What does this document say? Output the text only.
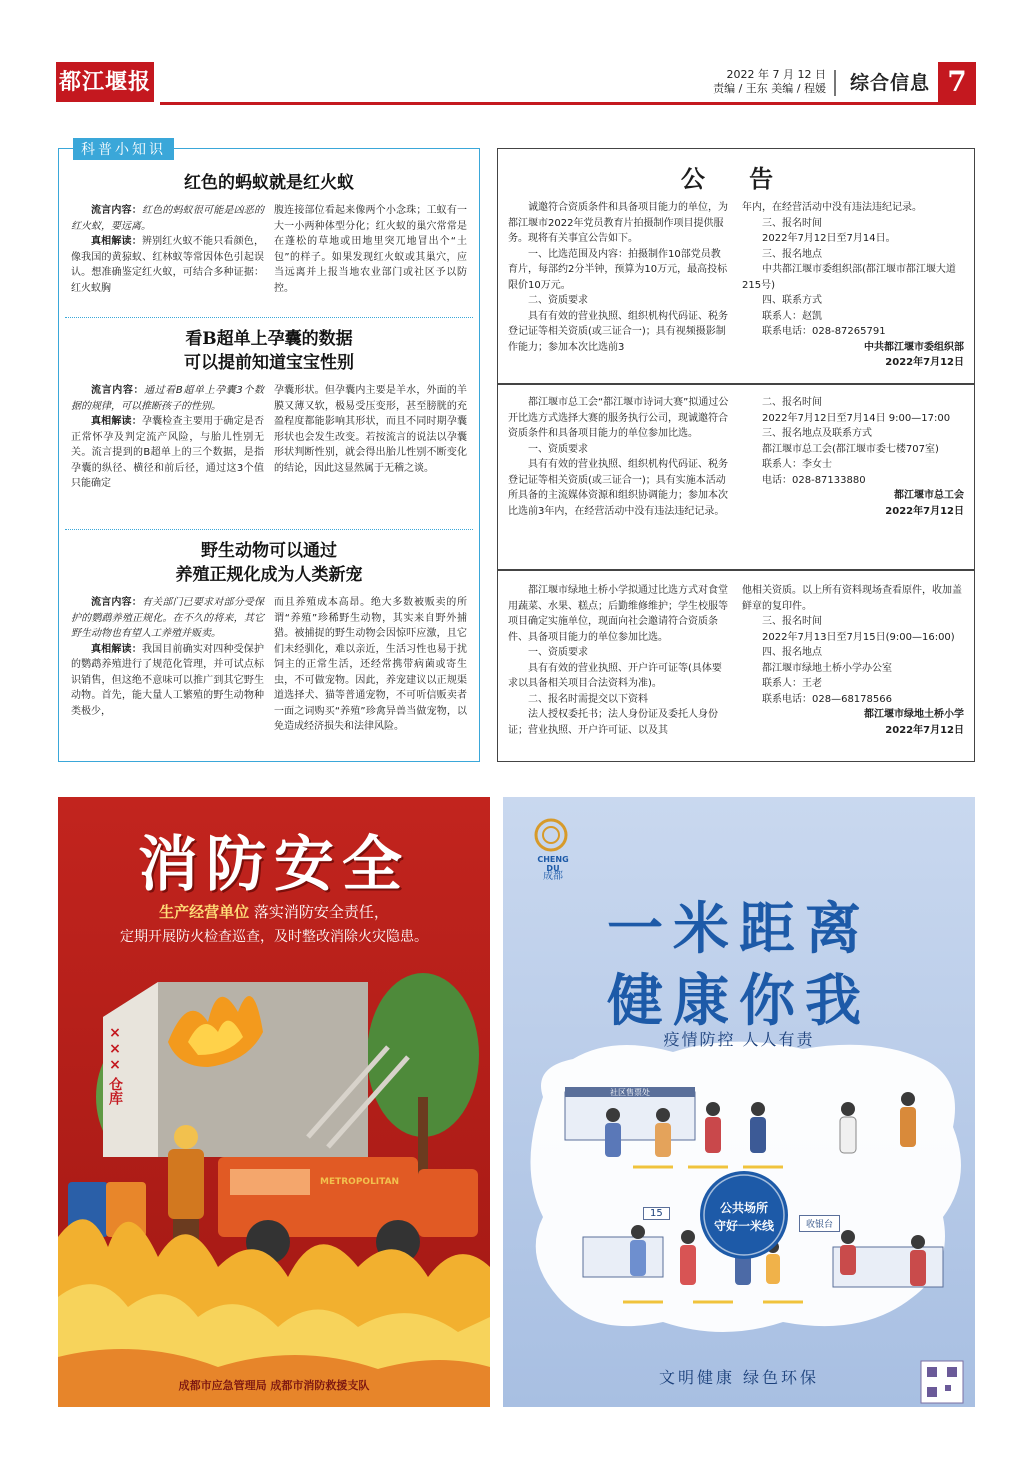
都江堰报	2022 年 7 月 12 日
责编 / 王东 美编 / 程媛 综合信息 7
科普小知识
红色的蚂蚁就是红火蚁

流言内容：红色的蚂蚁很可能是凶恶的红火蚁，要远离。

真相解读：辨别红火蚁不能只看颜色，像我国的黄猄蚁、红林蚁等常因体色引起误认。想准确鉴定红火蚁，可结合多种证据：红火蚁胸

腹连接部位看起来像两个小念珠；工蚁有一大一小两种体型分化；红火蚁的巢穴常常是在蓬松的草地或田地里突兀地冒出个“土包”的样子。如果发现红火蚁或其巢穴，应当远离并上报当地农业部门或社区予以防控。

看B超单上孕囊的数据
可以提前知道宝宝性别

流言内容：通过看B超单上孕囊3个数据的规律，可以推断孩子的性别。

真相解读：孕囊检查主要用于确定是否正常怀孕及判定流产风险，与胎儿性别无关。流言提到的B超单上的三个数据，是指孕囊的纵径、横径和前后径，通过这3个值只能确定

孕囊形状。但孕囊内主要是羊水，外面的羊膜又薄又软，极易受压变形，甚至膀胱的充盈程度都能影响其形状，而且不同时期孕囊形状也会发生改变。若按流言的说法以孕囊形状判断性别，就会得出胎儿性别不断变化的结论，因此这显然属于无稽之谈。

野生动物可以通过
养殖正规化成为人类新宠

流言内容：有关部门已要求对部分受保护的鹦鹉养殖正规化。在不久的将来，其它野生动物也有望人工养殖并贩卖。

真相解读：我国目前确实对四种受保护的鹦鹉养殖进行了规范化管理，并可试点标识销售，但这绝不意味可以推广到其它野生动物。首先，能大量人工繁殖的野生动物种类极少，

而且养殖成本高昂。绝大多数被贩卖的所谓“养殖”珍稀野生动物，其实来自野外捕猎。被捕捉的野生动物会因惊吓应激，且它们未经驯化，难以亲近，生活习性也易于扰饲主的正常生活，还经常携带病菌或寄生虫，不可做宠物。因此，养宠建议以正规渠道选择犬、猫等普通宠物，不可听信贩卖者一面之词购买“养殖”珍禽异兽当做宠物，以免造成经济损失和法律风险。

公 告

诚邀符合资质条件和具备项目能力的单位，为都江堰市2022年党员教育片拍摄制作项目提供服务。现将有关事宜公告如下。

一、比选范围及内容：拍摄制作10部党员教育片，每部约2分半钟，预算为10万元，最高投标限价10万元。

二、资质要求

具有有效的营业执照、组织机构代码证、税务登记证等相关资质(或三证合一)；具有视频摄影制作能力；参加本次比选前3

年内，在经营活动中没有违法违纪记录。

三、报名时间

2022年7月12日至7月14日。

三、报名地点

中共都江堰市委组织部(都江堰市都江堰大道215号)

四、联系方式

联系人：赵凯

联系电话：028-87265791

中共都江堰市委组织部

2022年7月12日

都江堰市总工会“都江堰市诗词大赛”拟通过公开比选方式选择大赛的服务执行公司，现诚邀符合资质条件和具备项目能力的单位参加比选。

一、资质要求

具有有效的营业执照、组织机构代码证、税务登记证等相关资质(或三证合一)；具有实施本活动所具备的主流媒体资源和组织协调能力；参加本次比选前3年内，在经营活动中没有违法违纪记录。

二、报名时间

2022年7月12日至7月14日 9:00—17:00

三、报名地点及联系方式

都江堰市总工会(都江堰市委七楼707室)

联系人：李女士

电话：028-87133880

都江堰市总工会

2022年7月12日

都江堰市绿地土桥小学拟通过比选方式对食堂用蔬菜、水果、糕点；后勤维修维护；学生校服等项目确定实施单位，现面向社会邀请符合资质条件、具备项目能力的单位参加比选。

一、资质要求

具有有效的营业执照、开户许可证等(具体要求以具备相关项目合法资料为准)。

二、报名时需提交以下资料

法人授权委托书；法人身份证及委托人身份证；营业执照、开户许可证、以及其

他相关资质。以上所有资料现场查看原件，收加盖鲜章的复印件。

三、报名时间

2022年7月13日至7月15日(9:00—16:00)

四、报名地点

都江堰市绿地土桥小学办公室

联系人：王老

联系电话：028—68178566

都江堰市绿地土桥小学

2022年7月12日

消防安全
生产经营单位 落实消防安全责任，
定期开展防火检查巡查，及时整改消除火灾隐患。
×××
仓库
METROPOLITAN
成都市应急管理局 成都市消防救援支队
CHENG DU
成都
一米距离
健康你我
疫情防控 人人有责
社区售票处
收银台
15	公共场所
守好一米线
文明健康 绿色环保
